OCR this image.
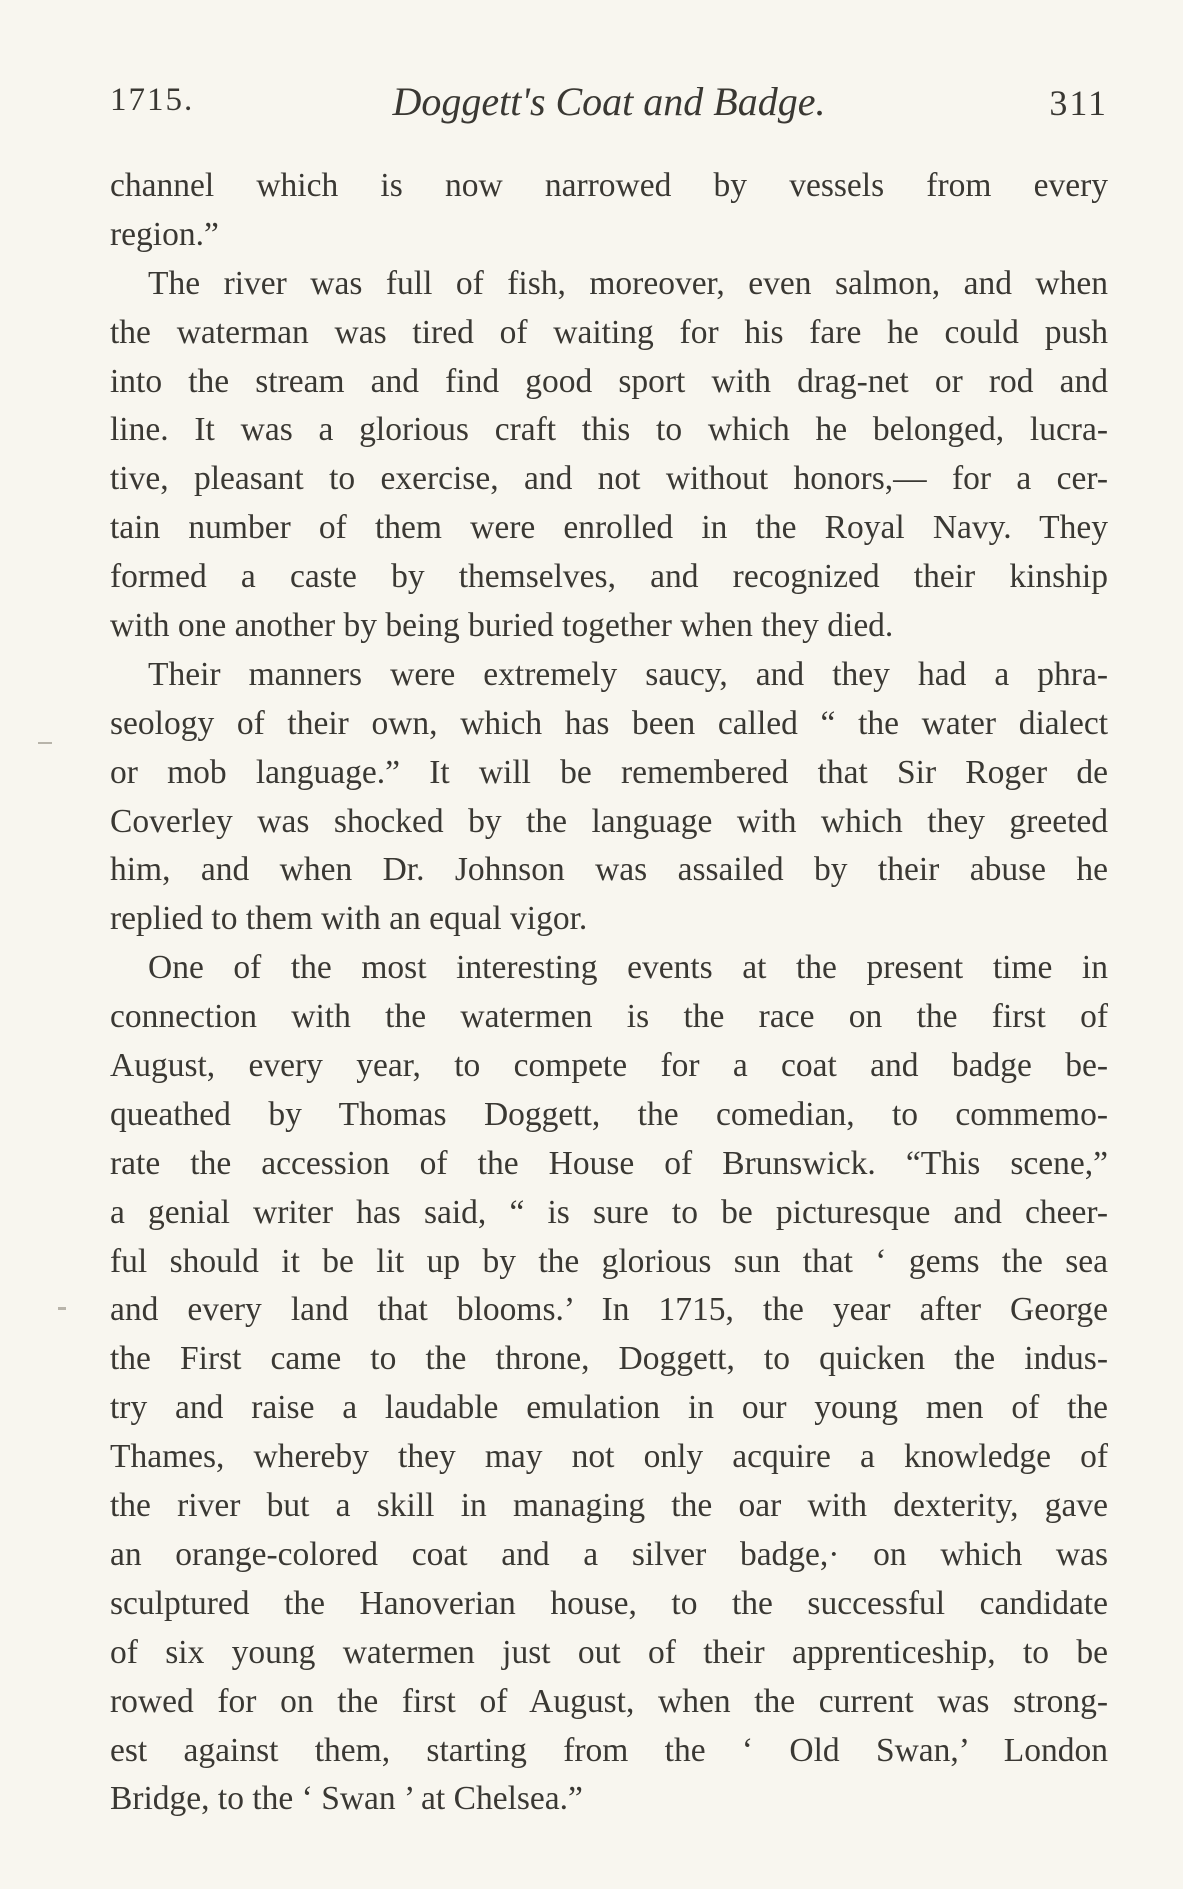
1715.	Doggett's Coat and Badge.	311
channel which is now narrowed by vessels from every
region.”
The river was full of fish, moreover, even salmon, and when
the waterman was tired of waiting for his fare he could push
into the stream and find good sport with drag-net or rod and
line. It was a glorious craft this to which he belonged, lucra-
tive, pleasant to exercise, and not without honors,— for a cer-
tain number of them were enrolled in the Royal Navy. They
formed a caste by themselves, and recognized their kinship
with one another by being buried together when they died.
Their manners were extremely saucy, and they had a phra-
seology of their own, which has been called “ the water dialect
or mob language.” It will be remembered that Sir Roger de
Coverley was shocked by the language with which they greeted
him, and when Dr. Johnson was assailed by their abuse he
replied to them with an equal vigor.
One of the most interesting events at the present time in
connection with the watermen is the race on the first of
August, every year, to compete for a coat and badge be-
queathed by Thomas Doggett, the comedian, to commemo-
rate the accession of the House of Brunswick. “This scene,”
a genial writer has said, “ is sure to be picturesque and cheer-
ful should it be lit up by the glorious sun that ‘ gems the sea
and every land that blooms.’ In 1715, the year after George
the First came to the throne, Doggett, to quicken the indus-
try and raise a laudable emulation in our young men of the
Thames, whereby they may not only acquire a knowledge of
the river but a skill in managing the oar with dexterity, gave
an orange-colored coat and a silver badge,· on which was
sculptured the Hanoverian house, to the successful candidate
of six young watermen just out of their apprenticeship, to be
rowed for on the first of August, when the current was strong-
est against them, starting from the ‘ Old Swan,’ London
Bridge, to the ‘ Swan ’ at Chelsea.”
